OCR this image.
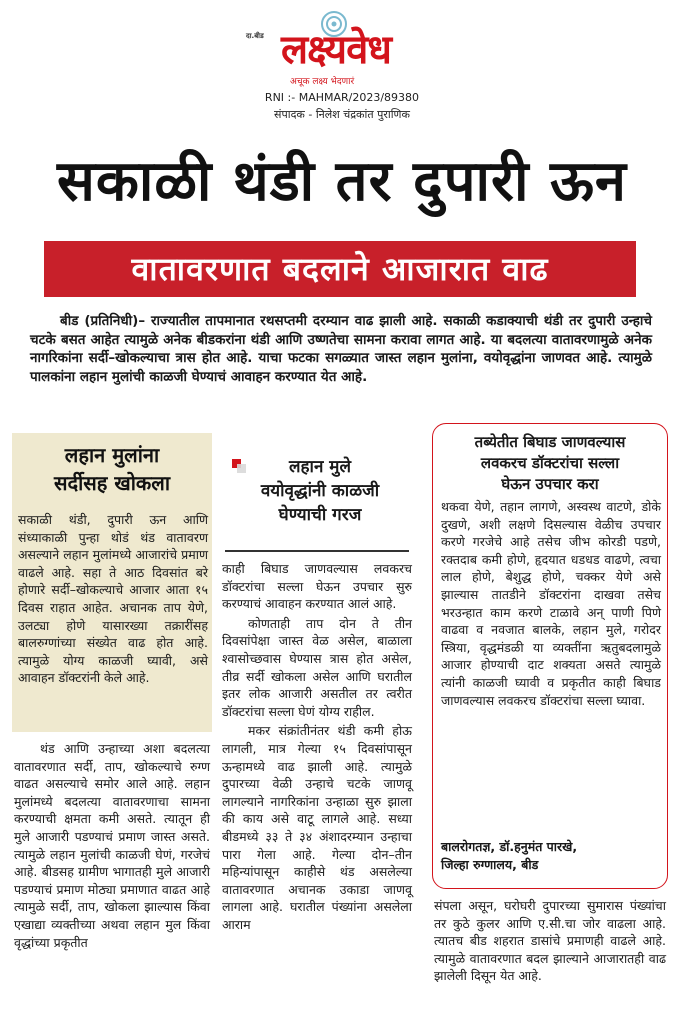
दा.बीड लक्ष्यवेध
अचूक लक्ष्य भेदणारं
RNI :- MAHMAR/2023/89380
संपादक - निलेश चंद्रकांत पुराणिक
सकाळी थंडी तर दुपारी ऊन
वातावरणात बदलाने आजारात वाढ

बीड (प्रतिनिधी)– राज्यातील तापमानात रथसप्तमी दरम्यान वाढ झाली आहे. सकाळी कडाक्याची थंडी तर दुपारी उन्हाचे चटके बसत आहेत त्यामुळे अनेक बीडकरांना थंडी आणि उष्णतेचा सामना करावा लागत आहे. या बदलत्या वातावरणामुळे अनेक नागरिकांना सर्दी–खोकल्याचा त्रास होत आहे. याचा फटका सगळ्यात जास्त लहान मुलांना, वयोवृद्धांना जाणवत आहे. त्यामुळे पालकांना लहान मुलांची काळजी घेण्याचं आवाहन करण्यात येत आहे.

लहान मुलांना
सर्दीसह खोकला

सकाळी थंडी, दुपारी ऊन आणि संध्याकाळी पुन्हा थोडं थंड वातावरण असल्याने लहान मुलांमध्ये आजारांचे प्रमाण वाढले आहे. सहा ते आठ दिवसांत बरे होणारे सर्दी–खोकल्याचे आजार आता १५ दिवस राहात आहेत. अचानक ताप येणे, उलट्या होणे यासारख्या तक्रारींसह बालरुग्णांच्या संख्येत वाढ होत आहे. त्यामुळे योग्य काळजी घ्यावी, असे आवाहन डॉक्टरांनी केले आहे.

थंड आणि उन्हाच्या अशा बदलत्या वातावरणात सर्दी, ताप, खोकल्याचे रुग्ण वाढत असल्याचे समोर आले आहे. लहान मुलांमध्ये बदलत्या वातावरणाचा सामना करण्याची क्षमता कमी असते. त्यातून ही मुले आजारी पडण्याचं प्रमाण जास्त असते. त्यामुळे लहान मुलांची काळजी घेणं, गरजेचं आहे. बीडसह ग्रामीण भागातही मुले आजारी पडण्याचं प्रमाण मोठ्या प्रमाणात वाढत आहे त्यामुळे सर्दी, ताप, खोकला झाल्यास किंवा एखाद्या व्यक्तीच्या अथवा लहान मुल किंवा वृद्धांच्या प्रकृतीत

लहान मुले
वयोवृद्धांनी काळजी
घेण्याची गरज

काही बिघाड जाणवल्यास लवकरच डॉक्टरांचा सल्ला घेऊन उपचार सुरु करण्याचं आवाहन करण्यात आलं आहे.

कोणताही ताप दोन ते तीन दिवसांपेक्षा जास्त वेळ असेल, बाळाला श्वासोच्छवास घेण्यास त्रास होत असेल, तीव्र सर्दी खोकला असेल आणि घरातील इतर लोक आजारी असतील तर त्वरीत डॉक्टरांचा सल्ला घेणं योग्य राहील.

मकर संक्रांतीनंतर थंडी कमी होऊ लागली, मात्र गेल्या १५ दिवसांपासून ऊन्हामध्ये वाढ झाली आहे. त्यामुळे दुपारच्या वेळी उन्हाचे चटके जाणवू लागल्याने नागरिकांना उन्हाळा सुरु झाला की काय असे वाटू लागले आहे. सध्या बीडमध्ये ३३ ते ३४ अंशादरम्यान उन्हाचा पारा गेला आहे. गेल्या दोन–तीन महिन्यांपासून काहीसे थंड असलेल्या वातावरणात अचानक उकाडा जाणवू लागला आहे. घरातील पंख्यांना असलेला आराम

तब्येतीत बिघाड जाणवल्यास
लवकरच डॉक्टरांचा सल्ला
घेऊन उपचार करा

थकवा येणे, तहान लागणे, अस्वस्थ वाटणे, डोके दुखणे, अशी लक्षणे दिसल्यास वेळीच उपचार करणे गरजेचे आहे तसेच जीभ कोरडी पडणे, रक्तदाब कमी होणे, हृदयात धडधड वाढणे, त्वचा लाल होणे, बेशुद्ध होणे, चक्कर येणे असे झाल्यास तातडीने डॉक्टरांना दाखवा तसेच भरउन्हात काम करणे टाळावे अन् पाणी पिणे वाढवा व नवजात बालके, लहान मुले, गरोदर स्त्रिया, वृद्धमंडळी या व्यक्तींना ऋतुबदलामुळे आजार होण्याची दाट शक्यता असते त्यामुळे त्यांनी काळजी घ्यावी व प्रकृतीत काही बिघाड जाणवल्यास लवकरच डॉक्टरांचा सल्ला घ्यावा.

बालरोगतज्ञ, डॉ.हनुमंत पारखे,
जिल्हा रुग्णालय, बीड

संपला असून, घरोघरी दुपारच्या सुमारास पंख्यांचा तर कुठे कुलर आणि ए.सी.चा जोर वाढला आहे. त्यातच बीड शहरात डासांचे प्रमाणही वाढले आहे. त्यामुळे वातावरणात बदल झाल्याने आजारातही वाढ झालेली दिसून येत आहे.
